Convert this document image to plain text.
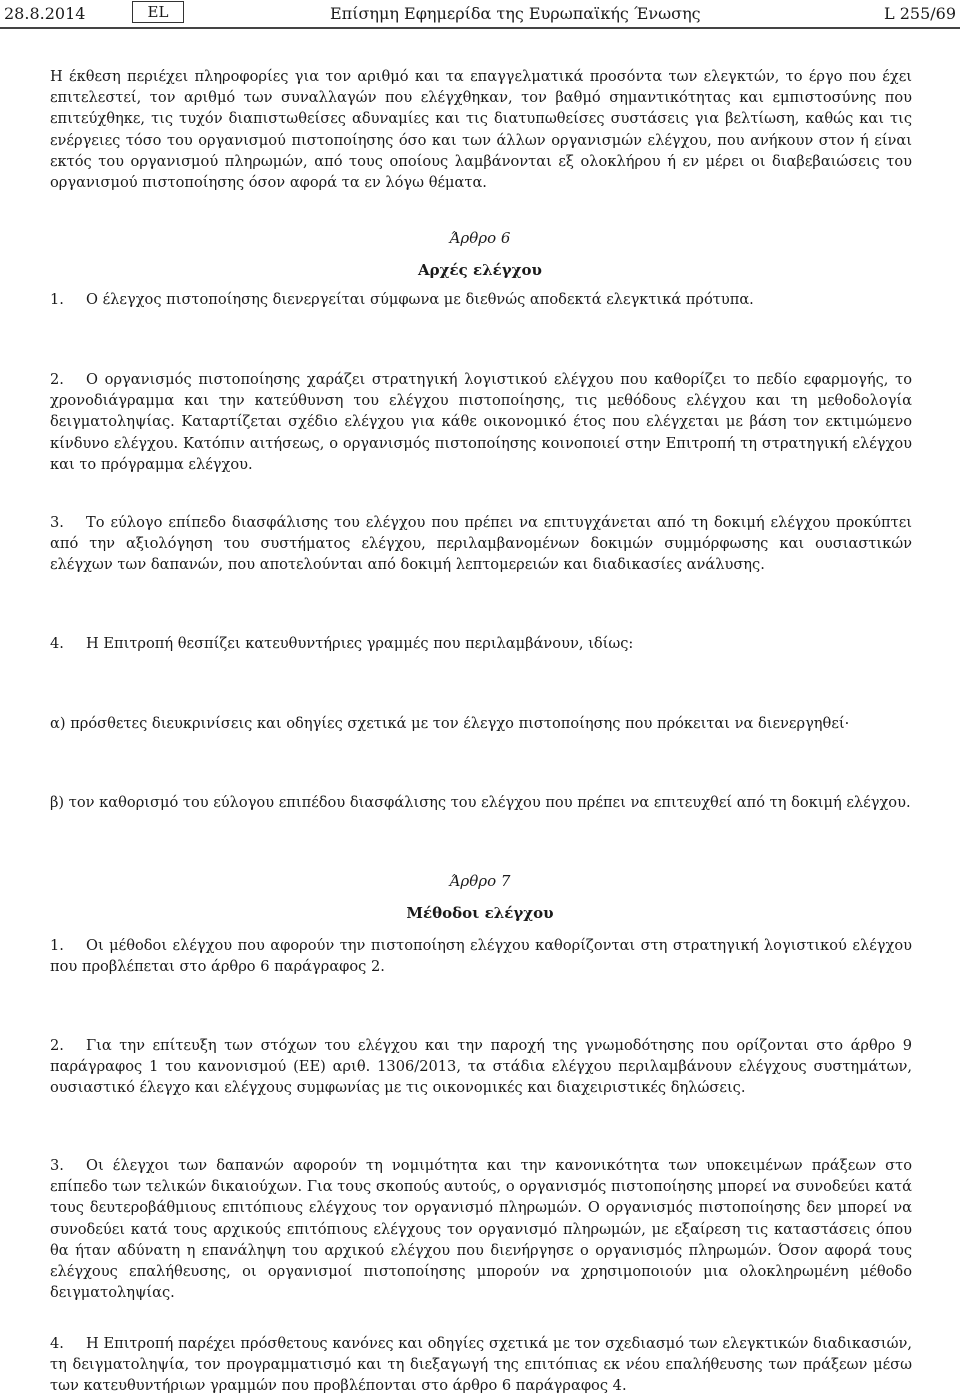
28.8.2014	EL	Επίσημη Εφημερίδα της Ευρωπαϊκής Ένωσης	L 255/69

Η έκθεση περιέχει πληροφορίες για τον αριθμό και τα επαγγελματικά προσόντα των ελεγκτών, το έργο που έχει επιτελεστεί, τον αριθμό των συναλλαγών που ελέγχθηκαν, τον βαθμό σημαντικότητας και εμπιστοσύνης που επιτεύχθηκε, τις τυχόν διαπιστωθείσες αδυναμίες και τις διατυπωθείσες συστάσεις για βελτίωση, καθώς και τις ενέργειες τόσο του οργανισμού πιστοποίησης όσο και των άλλων οργανισμών ελέγχου, που ανήκουν στον ή είναι εκτός του οργανισμού πληρωμών, από τους οποίους λαμβάνονται εξ ολοκλήρου ή εν μέρει οι διαβεβαιώσεις του οργανισμού πιστοποίησης όσον αφορά τα εν λόγω θέματα.

Άρθρο 6

Αρχές ελέγχου

1. Ο έλεγχος πιστοποίησης διενεργείται σύμφωνα με διεθνώς αποδεκτά ελεγκτικά πρότυπα.

2. Ο οργανισμός πιστοποίησης χαράζει στρατηγική λογιστικού ελέγχου που καθορίζει το πεδίο εφαρμογής, το χρονοδιάγραμμα και την κατεύθυνση του ελέγχου πιστοποίησης, τις μεθόδους ελέγχου και τη μεθοδολογία δειγματοληψίας. Καταρτίζεται σχέδιο ελέγχου για κάθε οικονομικό έτος που ελέγχεται με βάση τον εκτιμώμενο κίνδυνο ελέγχου. Κατόπιν αιτήσεως, ο οργανισμός πιστοποίησης κοινοποιεί στην Επιτροπή τη στρατηγική ελέγχου και το πρόγραμμα ελέγχου.

3. Το εύλογο επίπεδο διασφάλισης του ελέγχου που πρέπει να επιτυγχάνεται από τη δοκιμή ελέγχου προκύπτει από την αξιολόγηση του συστήματος ελέγχου, περιλαμβανομένων δοκιμών συμμόρφωσης και ουσιαστικών ελέγχων των δαπανών, που αποτελούνται από δοκιμή λεπτομερειών και διαδικασίες ανάλυσης.

4. Η Επιτροπή θεσπίζει κατευθυντήριες γραμμές που περιλαμβάνουν, ιδίως:

α) πρόσθετες διευκρινίσεις και οδηγίες σχετικά με τον έλεγχο πιστοποίησης που πρόκειται να διενεργηθεί·

β) τον καθορισμό του εύλογου επιπέδου διασφάλισης του ελέγχου που πρέπει να επιτευχθεί από τη δοκιμή ελέγχου.

Άρθρο 7

Μέθοδοι ελέγχου

1. Οι μέθοδοι ελέγχου που αφορούν την πιστοποίηση ελέγχου καθορίζονται στη στρατηγική λογιστικού ελέγχου που προβλέπεται στο άρθρο 6 παράγραφος 2.

2. Για την επίτευξη των στόχων του ελέγχου και την παροχή της γνωμοδότησης που ορίζονται στο άρθρο 9 παράγραφος 1 του κανονισμού (ΕΕ) αριθ. 1306/2013, τα στάδια ελέγχου περιλαμβάνουν ελέγχους συστημάτων, ουσιαστικό έλεγχο και ελέγχους συμφωνίας με τις οικονομικές και διαχειριστικές δηλώσεις.

3. Οι έλεγχοι των δαπανών αφορούν τη νομιμότητα και την κανονικότητα των υποκειμένων πράξεων στο επίπεδο των τελικών δικαιούχων. Για τους σκοπούς αυτούς, ο οργανισμός πιστοποίησης μπορεί να συνοδεύει κατά τους δευτεροβάθμιους επιτόπιους ελέγχους τον οργανισμό πληρωμών. Ο οργανισμός πιστοποίησης δεν μπορεί να συνοδεύει κατά τους αρχικούς επιτόπιους ελέγχους τον οργανισμό πληρωμών, με εξαίρεση τις καταστάσεις όπου θα ήταν αδύνατη η επανάληψη του αρχικού ελέγχου που διενήργησε ο οργανισμός πληρωμών. Όσον αφορά τους ελέγχους επαλήθευσης, οι οργανισμοί πιστοποίησης μπορούν να χρησιμοποιούν μια ολοκληρωμένη μέθοδο δειγματοληψίας.

4. Η Επιτροπή παρέχει πρόσθετους κανόνες και οδηγίες σχετικά με τον σχεδιασμό των ελεγκτικών διαδικασιών, τη δειγματοληψία, τον προγραμματισμό και τη διεξαγωγή της επιτόπιας εκ νέου επαλήθευσης των πράξεων μέσω των κατευθυντήριων γραμμών που προβλέπονται στο άρθρο 6 παράγραφος 4.
